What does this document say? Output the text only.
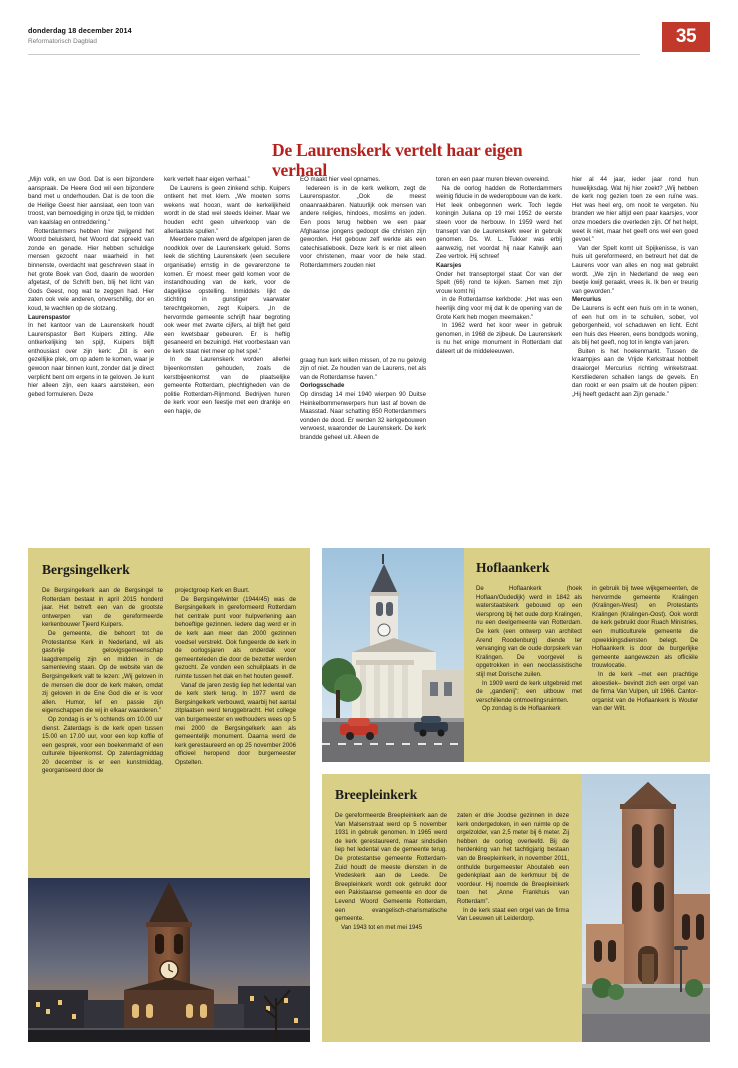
donderdag 18 december 2014
Reformatorisch Dagblad	35
De Laurenskerk vertelt haar eigen verhaal

„Mijn volk, en uw God. Dat is een bijzondere aanspraak. De Heere God wil een bijzondere band met u onderhouden. Dat is de toon die de Heilige Geest hier aanslaat, een toon van troost, van bemoediging in onze tijd, te midden van kaalslag en ontreddering.”

Rotterdammers hebben hier zwijgend het Woord beluisterd, het Woord dat spreekt van zonde en genade. Hier hebben schuldige mensen gezocht naar waarheid in het binnenste, overdacht wat geschreven staat in het grote Boek van God, daarin de woorden afgetast, of de Schrift ben, blij het licht van Gods Geest, nog wat te zeggen had. Hier zaten ook vele anderen, onverschillig, dor en koud, te wachten op de slotzang.

Laurenspastor

In het kantoor van de Laurenskerk houdt Laurenspastor Bert Kuipers zitting. Alle ontkerkelijking ten spijt, Kuipers blijft enthousiast over zijn kerk: „Dit is een gezellijke plek, om op adem te komen, waar je gewoon naar binnen kunt, zonder dat je direct verplicht bent om ergens in te geloven. Je kunt hier alleen zijn, een kaars aansteken, een gebed formuleren. Deze

kerk vertelt haar eigen verhaal.”

De Laurens is geen zinkend schip. Kuipers ontkent het met klem. „We moeten soms wekens wat hoозn, want de kerkelijkheid wordt in de stad wel steeds kleiner. Maar we houden echt geen uitverkoop van de allerlaatste spullen.”

Meerdere malen werd de afgelopen jaren de noodklok over de Laurenskerk geluid. Soms leek de stichting Laurenskerk (een seculiere organisatie) ernstig in de gevarenzone te komen. Er moest meer geld komen voor de instandhouding van de kerk, voor de dagelijkse opstelling. Inmiddels lijkt de stichting in gunstiger vaarwater terechtgekomen, zegt Kuipers. „In de hervormde gemeente schrijft haar begroting ook weer met zwarte cijfers, al blijft het geld een kwetsbaar gebeuren. Er is heftig gesaneerd en bezuinigd. Het voorbestaan van de kerk staat niet meer op het spel.”

In de Laurenskerk worden allerlei bijeenkomsten gehouden, zoals de kerstbijeenkomst van de plaatselijke gemeente Rotterdam, plechtigheden van de politie Rotterdam-Rijnmond. Bedrijven huren de kerk voor een feestje met een drankje en een hapje, de

EO maakt hier veel opnames.

Iedereen is in de kerk welkom, zegt de Laurenspastor. „Ook de meest onaanraakbaren. Natuurlijk ook mensen van andere religies, hindoes, moslims en joden. Een poos terug hebben we een paar Afghaanse jongens gedoopt die christen zijn geworden. Het gebouw zelf werkte als een catechisatieboek. Deze kerk is er niet alleen voor christenen, maar voor de hele stad. Rotterdammers zouden niet

graag hun kerk willen missen, of ze nu gelovig zijn of niet. Ze houden van de Laurens, net als van de Rotterdamse haven.”

Oorlogsschade

Op dinsdag 14 mei 1940 wierpen 90 Duitse Heinkelbommenwerpers hun last af boven de Maasstad. Naar schatting 850 Rotterdammers vonden de dood. Er werden 32 kerkgebouwen verwoest, waaronder de Laurenskerk. De kerk brandde geheel uit. Alleen de

toren en een paar muren bleven overeind.

Na de oorlog hadden de Rotterdammers weinig fiducie in de wederopbouw van de kerk. Het leek onbegonnen werk. Toch legde koningin Juliana op 19 mei 1952 de eerste steen voor de herbouw. In 1959 werd het transept van de Laurenskerk weer in gebruik genomen. Ds. W. L. Tukker was erbij aanwezig, net voordat hij naar Katwijk aan Zee vertrok. Hij schreef

Kaarsjes

Onder het transeptorgel staat Cor van der Spelt (66) rond te kijken. Samen met zijn vrouw komt hij

in de Rotterdamse kerkbode: „Het was een heerlijk ding voor mij dat ik de opening van de Grote Kerk heb mogen meemaken.”

In 1962 werd het koor weer in gebruik genomen, in 1968 de zijbeuk. De Laurenskerk is nu het enige monument in Rotterdam dat dateert uit de middeleeuwen.

hier al 44 jaar, ieder jaar rond hun huwelijksdag. Wat hij hier zoekt? „Wij hebben de kerk nog gezien toen ze een ruïne was. Het was heel erg, om nooit te vergeten. Nu branden we hier altijd een paar kaarsjes, voor onze moeders die overleden zijn. Of het helpt, weet ik niet, maar het geeft ons wel een goed gevoel.”

Van der Spelt komt uit Spijkenisse, is van huis uit gereformeerd, en betreurt het dat de Laurens voor van alles en nog wat gebruikt wordt. „We zijn in Nederland de weg een beetje kwijt geraakt, vrees ik. Ik ben er treurig van geworden.”

Mercurius

De Laurens is echt een huis om in te wonen, of een hut om in te schuilen, sober, vol geborgenheid, vol schaduwen en licht. Echt een huis des Heeren, eens bondgods woning, als blij het geeft, nog tot in lengte van jaren.

Buiten is het hoekenmarkt. Tussen de kraampjes aan de Vrijde Kerkstraat hobbelt draaiorgel Mercurius richting winkelstraat. Kerstliederen schallen langs de gevels. En dan rookt er een psalm uit de houten pijpen: „Hij heeft gedacht aan Zijn genade.”

Bergsingelkerk

De Bergsingelkerk aan de Bergsingel te Rotterdam bestaat in april 2015 honderd jaar. Het betreft een van de grootste ontwerpen van de gereformeerde kerkenbouwer Tjeerd Kuipers.

De gemeente, die behoort tot de Protestantse Kerk in Nederland, wil als gastvrije gelovigsgemeenschap laagdrempelig zijn en midden in de samenleving staan. Op de website van de Bergsingelkerk valt te lezen: „Wij geloven in de mensen die door de kerk maken, omdat zij geloven in de Ene God die er is voor allen. Humor, lef en passie zijn eigenschappen die wij in elkaar waarderen.”

Op zondag is er 's ochtends om 10.00 uur dienst. Zaterdags is de kerk open tussen 15.00 en 17.00 uur, voor een kop koffie of een gesprek, voor een boekenmarkt of een culturele bijeenkomst. Op zaterdagmiddag 20 december is er een kunstmiddag, georganiseerd door de

projectgroep Kerk en Buurt.

De Bergsingelwinter (1944/45) was de Bergsingelkerk in gereformeerd Rotterdam het centrale punt voor hulpverlening aan behoeftige gezinnen. Iedere dag werd er in de kerk aan meer dan 2000 gezinnen voedsel verstrekt. Ook fungeerde de kerk in de oorlogsjaren als onderdak voor gemeenteleden die door de bezetter werden gezocht. Ze vonden een schuilplaats in de ruimte tussen het dak en het houten gewelf.

Vanaf de jaren zestig liep het ledental van de kerk sterk terug. In 1977 werd de Bergsingelkerk verbouwd, waarbij het aantal zitplaatsen werd teruggebracht. Het college van burgemeester en wethouders wees op 5 mei 2000 de Bergsingelkerk aan als gemeentelijk monument. Daarna werd de kerk gerestaureerd en op 25 november 2006 officieel heropend door burgemeester Opstelten.

Hoflaankerk

De Hoflaankerk (hoek Hoflaan/Oudedijk) werd in 1842 als waterstaatskerk gebouwd op een viersprong bij het oude dorp Kralingen, nu een deelgemeente van Rotterdam. De kerk (een ontwerp van architect Arend Roodenburg) diende ter vervanging van de oude dorpskerk van Kralingen. De voorgevel is opgetrokken in een neoclassistische stijl met Dorische zuilen.

In 1909 werd de kerk uitgebreid met de „gandenij”; een uitbouw met verschillende ontmoetingsruimten.

Op zondag is de Hoflaankerk

in gebruik bij twee wijkgemeenten, de hervormde gemeente Kralingen (Kralingen-West) en Protestants Kralingen (Kralingen-Oost). Ook wordt de kerk gebruikt door Ruach Ministries, een multiculturele gemeente die opwekkingsdiensten belegt. De Hoflaankerk is door de burgerlijke gemeente aangewezen als officiële trouwlocatie.

In de kerk –met een prachtige akoestiek– bevindt zich een orgel van de firma Van Vulpen, uit 1966. Cantor-organist van de Hoflaankerk is Wouter van der Wilt.

Breepleinkerk

De gereformeerde Breepleinkerk aan de Van Malsenstraat werd op 5 november 1931 in gebruik genomen. In 1965 werd de kerk gerestaureerd, maar sindsdien liep het ledental van de gemeente terug. De protestantse gemeente Rotterdam-Zuid houdt de meeste diensten in de Vredeskerk aan de Leede. De Breepleinkerk wordt ook gebruikt door een Pakistaanse gemeente en door de Levend Woord Gemeente Rotterdam, een evangelisch-charismatische gemeente.

Van 1943 tot en met mei 1945

zaten er drie Joodse gezinnen in deze kerk ondergedoken, in een ruimte op de orgelzolder, van 2,5 meter bij 6 meter. Zij hebben de oorlog overleefd. Bij de herdenking van het tachtigjarig bestaan van de Breepleinkerk, in november 2011, onthulde burgemeester Aboutaleb een gedenkplaat aan de kerkmuur bij de voordeur. Hij noemde de Breepleinkerk toen het „Anne Frankhuis van Rotterdam”.

In de kerk staat een orgel van de firma Van Leeuwen uit Leiderdorp.
